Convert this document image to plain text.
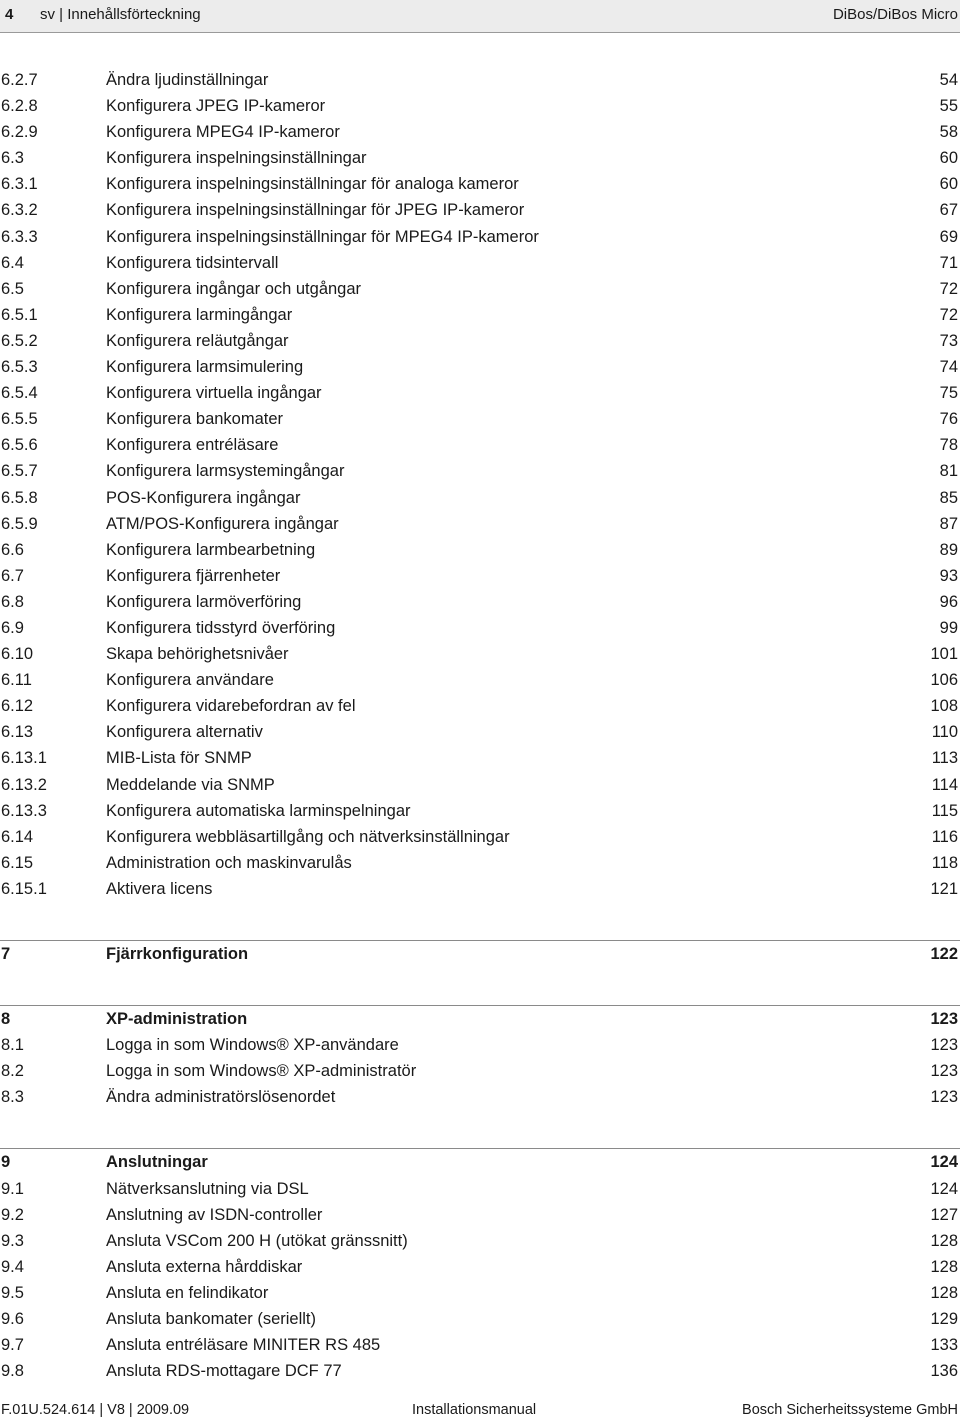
4 sv | Innehållsförteckning	DiBos/DiBos Micro
6.2.7	Ändra ljudinställningar	54
6.2.8	Konfigurera JPEG IP-kameror	55
6.2.9	Konfigurera MPEG4 IP-kameror	58
6.3	Konfigurera inspelningsinställningar	60
6.3.1	Konfigurera inspelningsinställningar för analoga kameror	60
6.3.2	Konfigurera inspelningsinställningar för JPEG IP-kameror	67
6.3.3	Konfigurera inspelningsinställningar för MPEG4 IP-kameror	69
6.4	Konfigurera tidsintervall	71
6.5	Konfigurera ingångar och utgångar	72
6.5.1	Konfigurera larmingångar	72
6.5.2	Konfigurera reläutgångar	73
6.5.3	Konfigurera larmsimulering	74
6.5.4	Konfigurera virtuella ingångar	75
6.5.5	Konfigurera bankomater	76
6.5.6	Konfigurera entréläsare	78
6.5.7	Konfigurera larmsystemingångar	81
6.5.8	POS-Konfigurera ingångar	85
6.5.9	ATM/POS-Konfigurera ingångar	87
6.6	Konfigurera larmbearbetning	89
6.7	Konfigurera fjärrenheter	93
6.8	Konfigurera larmöverföring	96
6.9	Konfigurera tidsstyrd överföring	99
6.10	Skapa behörighetsnivåer	101
6.11	Konfigurera användare	106
6.12	Konfigurera vidarebefordran av fel	108
6.13	Konfigurera alternativ	110
6.13.1	MIB-Lista för SNMP	113
6.13.2	Meddelande via SNMP	114
6.13.3	Konfigurera automatiska larminspelningar	115
6.14	Konfigurera webbläsartillgång och nätverksinställningar	116
6.15	Administration och maskinvarulås	118
6.15.1	Aktivera licens	121
7	Fjärrkonfiguration	122
8	XP-administration	123
8.1	Logga in som Windows® XP-användare	123
8.2	Logga in som Windows® XP-administratör	123
8.3	Ändra administratörslösenordet	123
9	Anslutningar	124
9.1	Nätverksanslutning via DSL	124
9.2	Anslutning av ISDN-controller	127
9.3	Ansluta VSCom 200 H (utökat gränssnitt)	128
9.4	Ansluta externa hårddiskar	128
9.5	Ansluta en felindikator	128
9.6	Ansluta bankomater (seriellt)	129
9.7	Ansluta entréläsare MINITER RS 485	133
9.8	Ansluta RDS-mottagare DCF 77	136
F.01U.524.614 | V8 | 2009.09	Installationsmanual	Bosch Sicherheitssysteme GmbH
